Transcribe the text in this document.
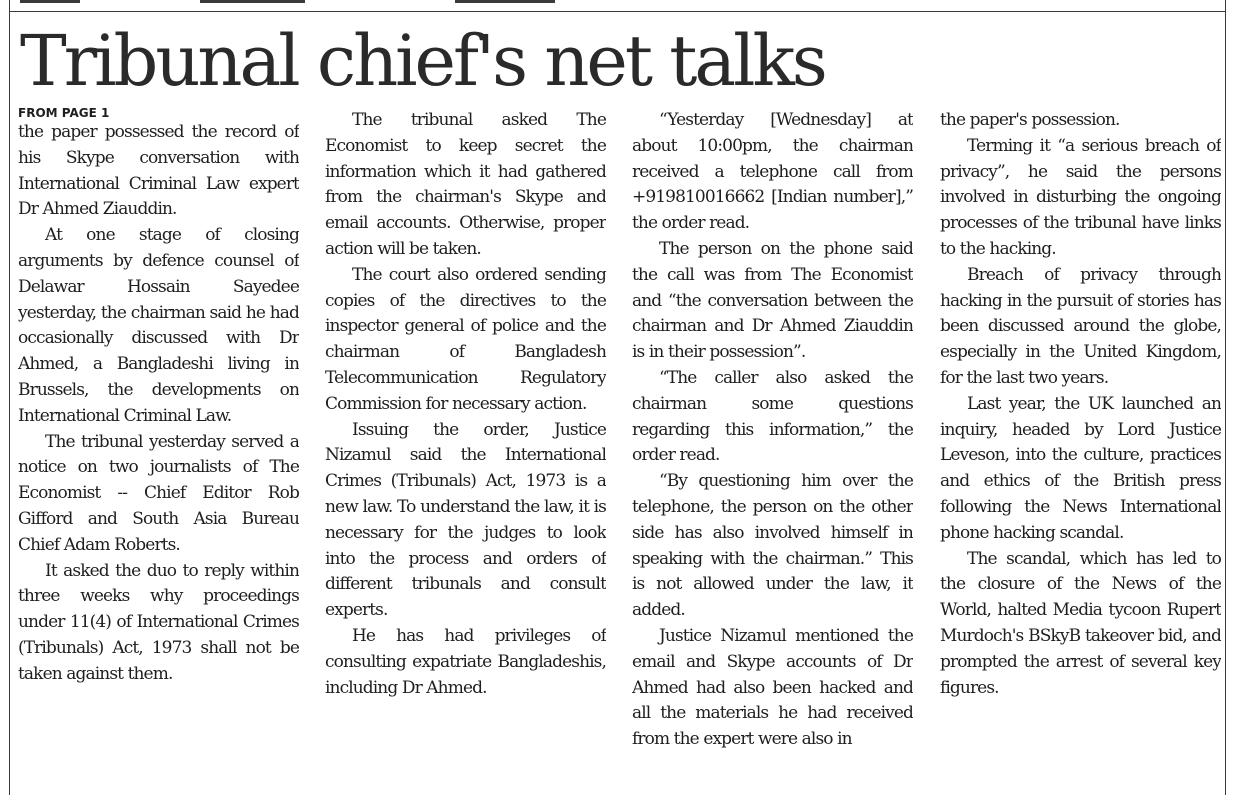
Tribunal chief's net talks
FROM PAGE 1

the paper possessed the record of his Skype conversation with International Criminal Law expert Dr Ahmed Ziauddin.

At one stage of closing arguments by defence counsel of Delawar Hossain Sayedee yesterday, the chairman said he had occasionally discussed with Dr Ahmed, a Bangladeshi living in Brussels, the developments on International Criminal Law.

The tribunal yesterday served a notice on two journalists of The Economist -- Chief Editor Rob Gifford and South Asia Bureau Chief Adam Roberts.

It asked the duo to reply within three weeks why proceedings under 11(4) of International Crimes (Tribunals) Act, 1973 shall not be taken against them.

The tribunal asked The Economist to keep secret the information which it had gathered from the chairman's Skype and email accounts. Otherwise, proper action will be taken.

The court also ordered sending copies of the directives to the inspector general of police and the chairman of Bangladesh Telecommunication Regulatory Commission for necessary action.

Issuing the order, Justice Nizamul said the International Crimes (Tribunals) Act, 1973 is a new law. To understand the law, it is necessary for the judges to look into the process and orders of different tribunals and consult experts.

He has had privileges of consulting expatriate Bangladeshis, including Dr Ahmed.

“Yesterday [Wednesday] at about 10:00pm, the chairman received a telephone call from +919810016662 [Indian number],” the order read.

The person on the phone said the call was from The Economist and “the conversation between the chairman and Dr Ahmed Ziauddin is in their possession”.

“The caller also asked the chairman some questions regarding this information,” the order read.

“By questioning him over the telephone, the person on the other side has also involved himself in speaking with the chairman.” This is not allowed under the law, it added.

Justice Nizamul mentioned the email and Skype accounts of Dr Ahmed had also been hacked and all the materials he had received from the expert were also in

the paper's possession.

Terming it “a serious breach of privacy”, he said the persons involved in disturbing the ongoing processes of the tribunal have links to the hacking.

Breach of privacy through hacking in the pursuit of stories has been discussed around the globe, especially in the United Kingdom, for the last two years.

Last year, the UK launched an inquiry, headed by Lord Justice Leveson, into the culture, practices and ethics of the British press following the News International phone hacking scandal.

The scandal, which has led to the closure of the News of the World, halted Media tycoon Rupert Murdoch's BSkyB takeover bid, and prompted the arrest of several key figures.
